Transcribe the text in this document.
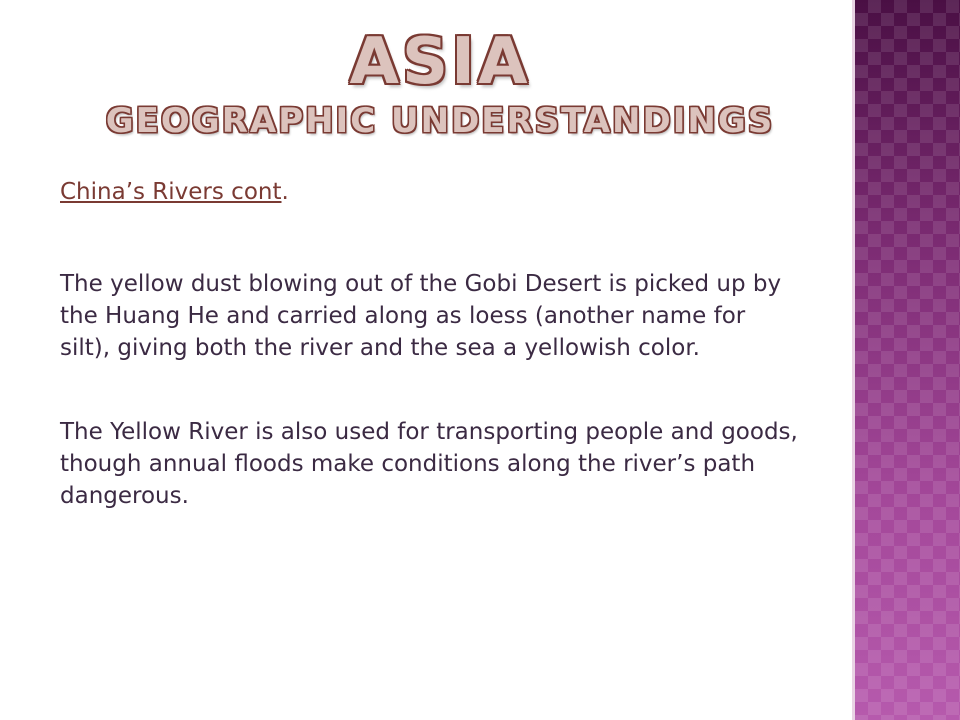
ASIA
GEOGRAPHIC UNDERSTANDINGS

China’s Rivers cont.

The yellow dust blowing out of the Gobi Desert is picked up by the Huang He and carried along as loess (another name for silt), giving both the river and the sea a yellowish color.

The Yellow River is also used for transporting people and goods, though annual floods make conditions along the river’s path dangerous.
